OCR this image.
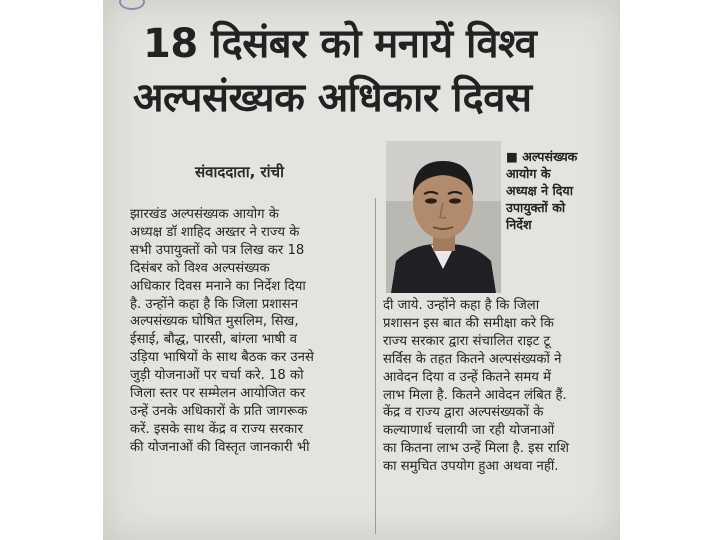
18 दिसंबर को मनायें विश्व
अल्पसंख्यक अधिकार दिवस
संवाददाता, रांची
■ अल्पसंख्यक
आयोग के
अध्यक्ष ने दिया
उपायुक्तों को
निर्देश
झारखंड अल्पसंख्यक आयोग के
अध्यक्ष डॉ शाहिद अख्तर ने राज्य के
सभी उपायुक्तों को पत्र लिख कर 18
दिसंबर को विश्व अल्पसंख्यक
अधिकार दिवस मनाने का निर्देश दिया
है. उन्होंने कहा है कि जिला प्रशासन
अल्पसंख्यक घोषित मुसलिम, सिख,
ईसाई, बौद्ध, पारसी, बांग्ला भाषी व
उड़िया भाषियों के साथ बैठक कर उनसे
जुड़ी योजनाओं पर चर्चा करे. 18 को
जिला स्तर पर सम्मेलन आयोजित कर
उन्हें उनके अधिकारों के प्रति जागरूक
करें. इसके साथ केंद्र व राज्य सरकार
की योजनाओं की विस्तृत जानकारी भी
दी जाये. उन्होंने कहा है कि जिला
प्रशासन इस बात की समीक्षा करे कि
राज्य सरकार द्वारा संचालित राइट टू
सर्विस के तहत कितने अल्पसंख्यकों ने
आवेदन दिया व उन्हें कितने समय में
लाभ मिला है. कितने आवेदन लंबित हैं.
केंद्र व राज्य द्वारा अल्पसंख्यकों के
कल्याणार्थ चलायी जा रही योजनाओं
का कितना लाभ उन्हें मिला है. इस राशि
का समुचित उपयोग हुआ अथवा नहीं.
